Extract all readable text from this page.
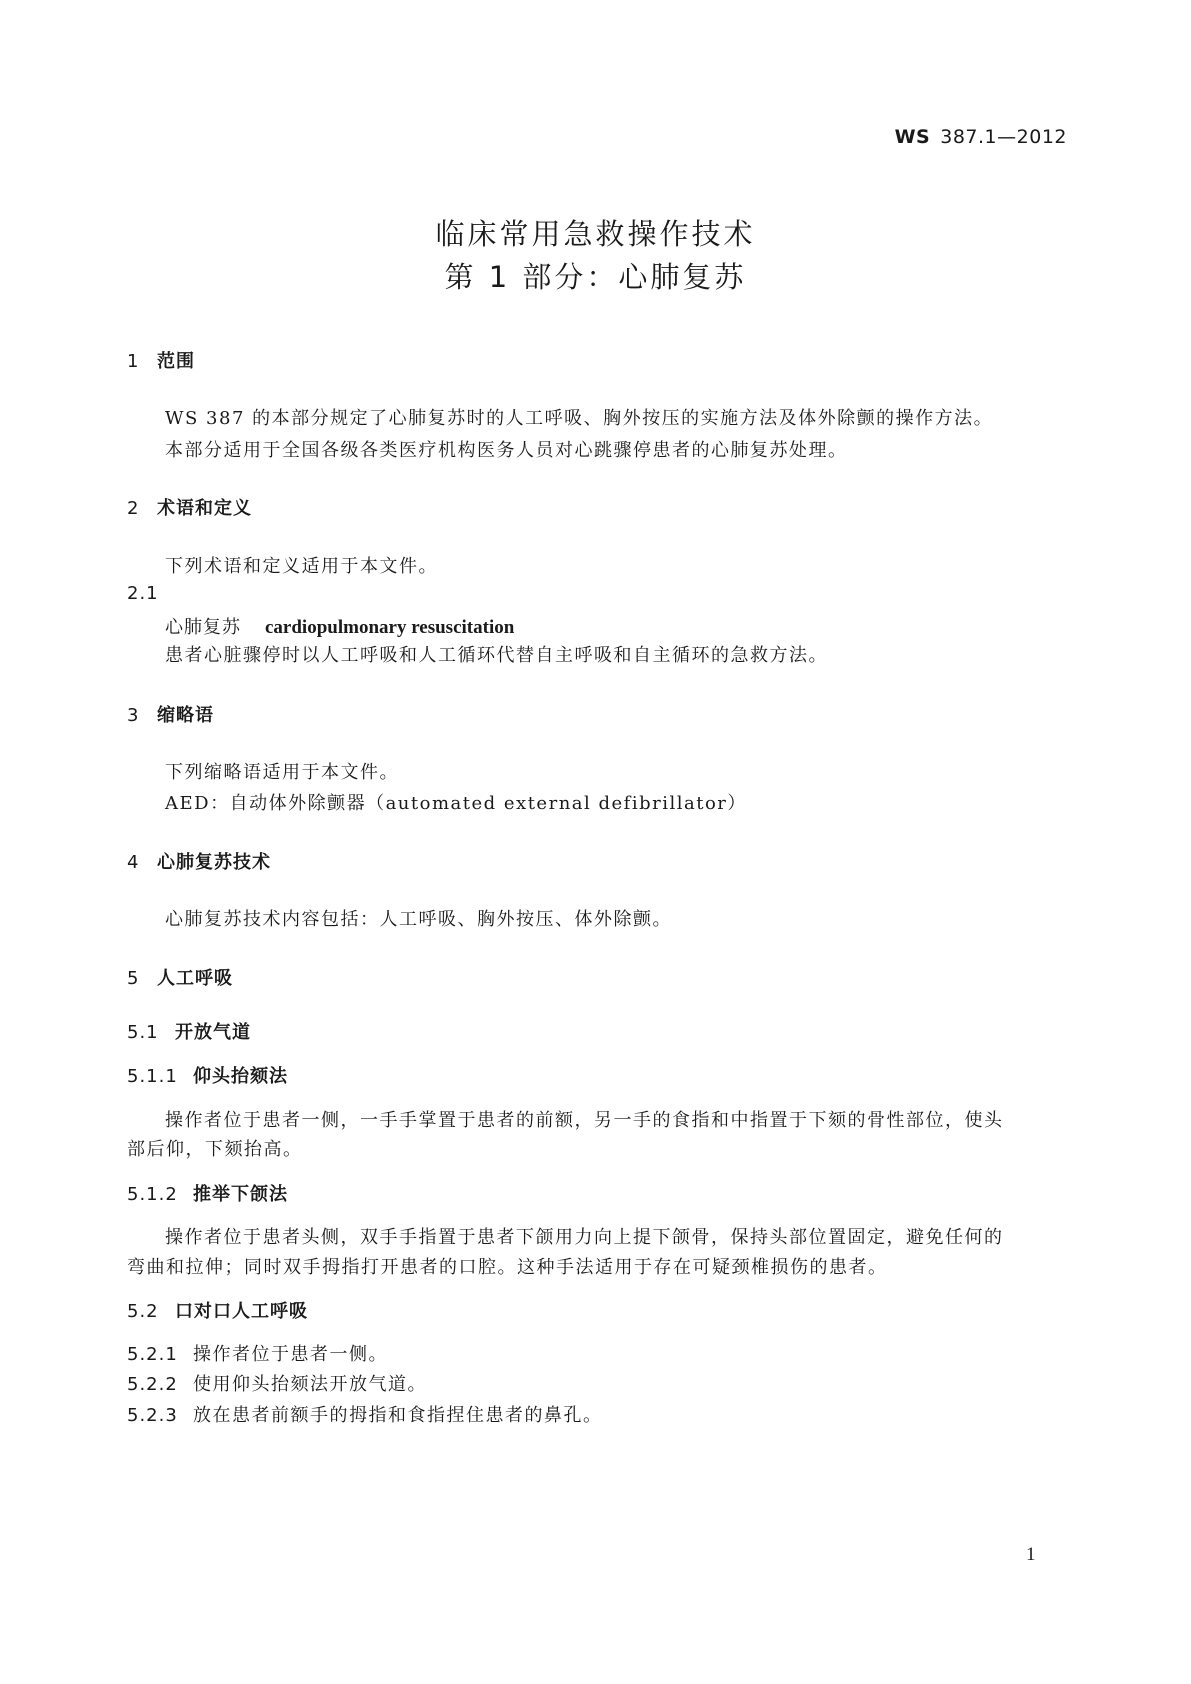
WS 387.1—2012
临床常用急救操作技术
第 1 部分：心肺复苏
1 范围
WS 387 的本部分规定了心肺复苏时的人工呼吸、胸外按压的实施方法及体外除颤的操作方法。
本部分适用于全国各级各类医疗机构医务人员对心跳骤停患者的心肺复苏处理。
2 术语和定义
下列术语和定义适用于本文件。
2.1
心肺复苏 cardiopulmonary resuscitation
患者心脏骤停时以人工呼吸和人工循环代替自主呼吸和自主循环的急救方法。
3 缩略语
下列缩略语适用于本文件。
AED：自动体外除颤器（automated external defibrillator）
4 心肺复苏技术
心肺复苏技术内容包括：人工呼吸、胸外按压、体外除颤。
5 人工呼吸
5.1 开放气道
5.1.1 仰头抬颏法
操作者位于患者一侧，一手手掌置于患者的前额，另一手的食指和中指置于下颏的骨性部位，使头
部后仰，下颏抬高。
5.1.2 推举下颌法
操作者位于患者头侧，双手手指置于患者下颌用力向上提下颌骨，保持头部位置固定，避免任何的
弯曲和拉伸；同时双手拇指打开患者的口腔。这种手法适用于存在可疑颈椎损伤的患者。
5.2 口对口人工呼吸
5.2.1 操作者位于患者一侧。
5.2.2 使用仰头抬颏法开放气道。
5.2.3 放在患者前额手的拇指和食指捏住患者的鼻孔。
1
